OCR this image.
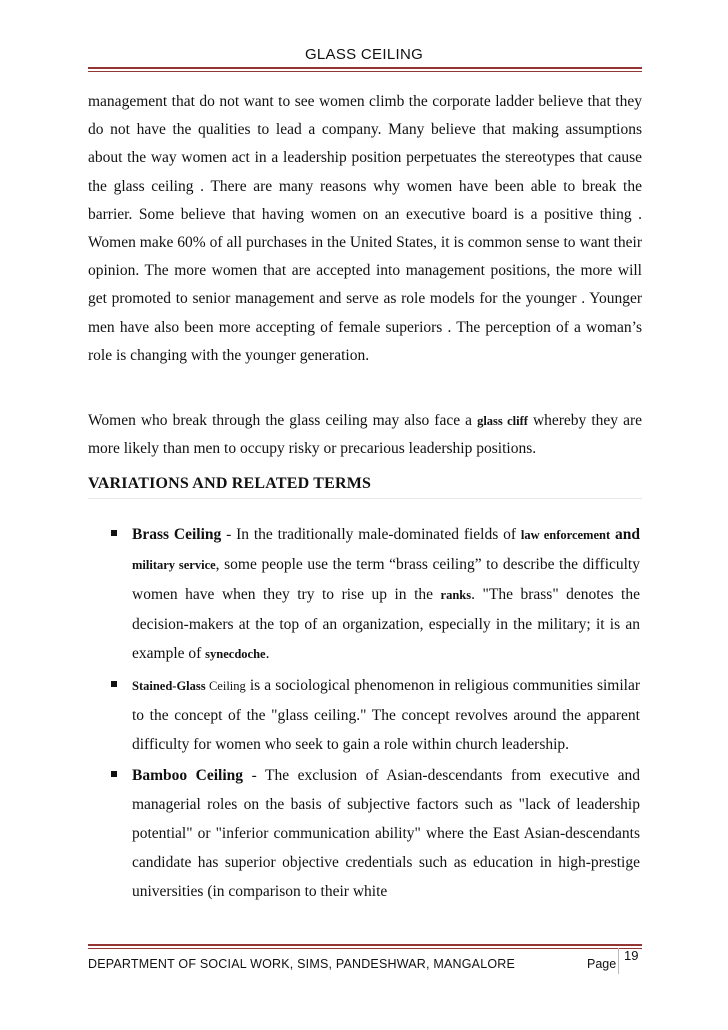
GLASS CEILING

management that do not want to see women climb the corporate ladder believe that they do not have the qualities to lead a company. Many believe that making assumptions about the way women act in a leadership position perpetuates the stereotypes that cause the glass ceiling . There are many reasons why women have been able to break the barrier. Some believe that having women on an executive board is a positive thing . Women make 60% of all purchases in the United States, it is common sense to want their opinion. The more women that are accepted into management positions, the more will get promoted to senior management and serve as role models for the younger . Younger men have also been more accepting of female superiors . The perception of a woman’s role is changing with the younger generation.

Women who break through the glass ceiling may also face a glass cliff whereby they are more likely than men to occupy risky or precarious leadership positions.

VARIATIONS AND RELATED TERMS

Brass Ceiling - In the traditionally male-dominated fields of law enforcement and military service, some people use the term “brass ceiling” to describe the difficulty women have when they try to rise up in the ranks. "The brass" denotes the decision-makers at the top of an organization, especially in the military; it is an example of synecdoche.

Stained-Glass Ceiling is a sociological phenomenon in religious communities similar to the concept of the "glass ceiling." The concept revolves around the apparent difficulty for women who seek to gain a role within church leadership.

Bamboo Ceiling - The exclusion of Asian-descendants from executive and managerial roles on the basis of subjective factors such as "lack of leadership potential" or "inferior communication ability" where the East Asian-descendants candidate has superior objective credentials such as education in high-prestige universities (in comparison to their white

DEPARTMENT OF SOCIAL WORK, SIMS, PANDESHWAR, MANGALORE	Page
19
